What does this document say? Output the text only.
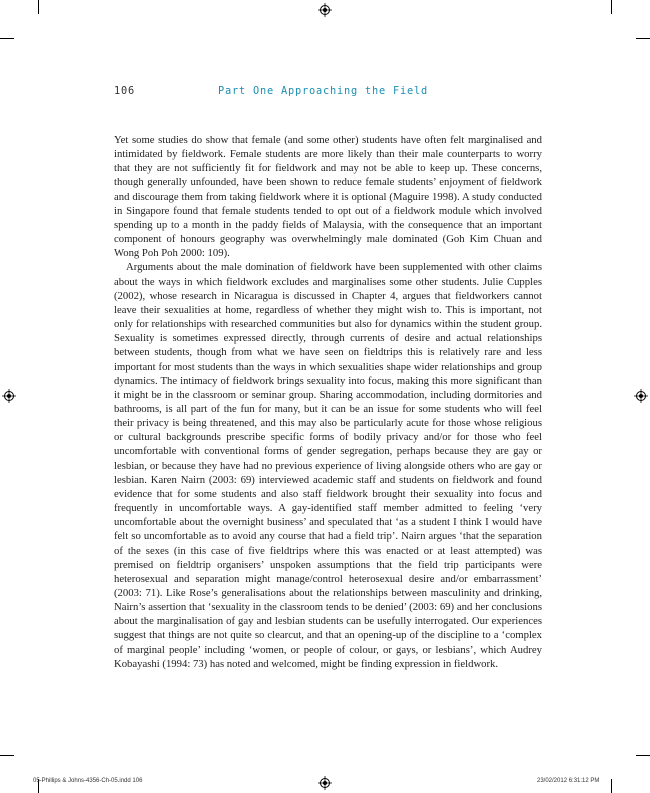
106	Part One Approaching the Field

Yet some studies do show that female (and some other) students have often felt marginalised and intimidated by fieldwork. Female students are more likely than their male counterparts to worry that they are not sufficiently fit for fieldwork and may not be able to keep up. These concerns, though generally unfounded, have been shown to reduce female students’ enjoyment of fieldwork and discourage them from taking fieldwork where it is optional (Maguire 1998). A study conducted in Singapore found that female students tended to opt out of a fieldwork module which involved spending up to a month in the paddy fields of Malaysia, with the consequence that an important component of honours geography was overwhelmingly male dominated (Goh Kim Chuan and Wong Poh Poh 2000: 109).

Arguments about the male domination of fieldwork have been supplemented with other claims about the ways in which fieldwork excludes and marginalises some other students. Julie Cupples (2002), whose research in Nicaragua is discussed in Chapter 4, argues that fieldworkers cannot leave their sexualities at home, regardless of whether they might wish to. This is important, not only for relationships with researched communities but also for dynamics within the student group. Sexuality is sometimes expressed directly, through currents of desire and actual relationships between students, though from what we have seen on fieldtrips this is relatively rare and less important for most students than the ways in which sexualities shape wider relationships and group dynamics. The intimacy of fieldwork brings sexuality into focus, making this more significant than it might be in the classroom or seminar group. Sharing accommodation, including dormitories and bathrooms, is all part of the fun for many, but it can be an issue for some students who will feel their privacy is being threatened, and this may also be particularly acute for those whose religious or cultural backgrounds prescribe specific forms of bodily privacy and/or for those who feel uncomfortable with conventional forms of gender segregation, perhaps because they are gay or lesbian, or because they have had no previous experience of living alongside others who are gay or lesbian. Karen Nairn (2003: 69) interviewed academic staff and students on fieldwork and found evidence that for some students and also staff fieldwork brought their sexuality into focus and frequently in uncomfortable ways. A gay-identified staff member admitted to feeling ‘very uncomfortable about the overnight business’ and speculated that ‘as a student I think I would have felt so uncomfortable as to avoid any course that had a field trip’. Nairn argues ‘that the separation of the sexes (in this case of five fieldtrips where this was enacted or at least attempted) was premised on fieldtrip organisers’ unspoken assumptions that the field trip participants were heterosexual and separation might manage/control heterosexual desire and/or embarrassment’ (2003: 71). Like Rose’s generalisations about the relationships between masculinity and drinking, Nairn’s assertion that ‘sexuality in the classroom tends to be denied’ (2003: 69) and her conclusions about the marginalisation of gay and lesbian students can be usefully interrogated. Our experiences suggest that things are not quite so clearcut, and that an opening-up of the discipline to a ‘complex of marginal people’ including ‘women, or people of colour, or gays, or lesbians’, which Audrey Kobayashi (1994: 73) has noted and welcomed, might be finding expression in fieldwork.

05-Phillips & Johns-4356-Ch-05.indd 106	23/02/2012 6:31:12 PM
